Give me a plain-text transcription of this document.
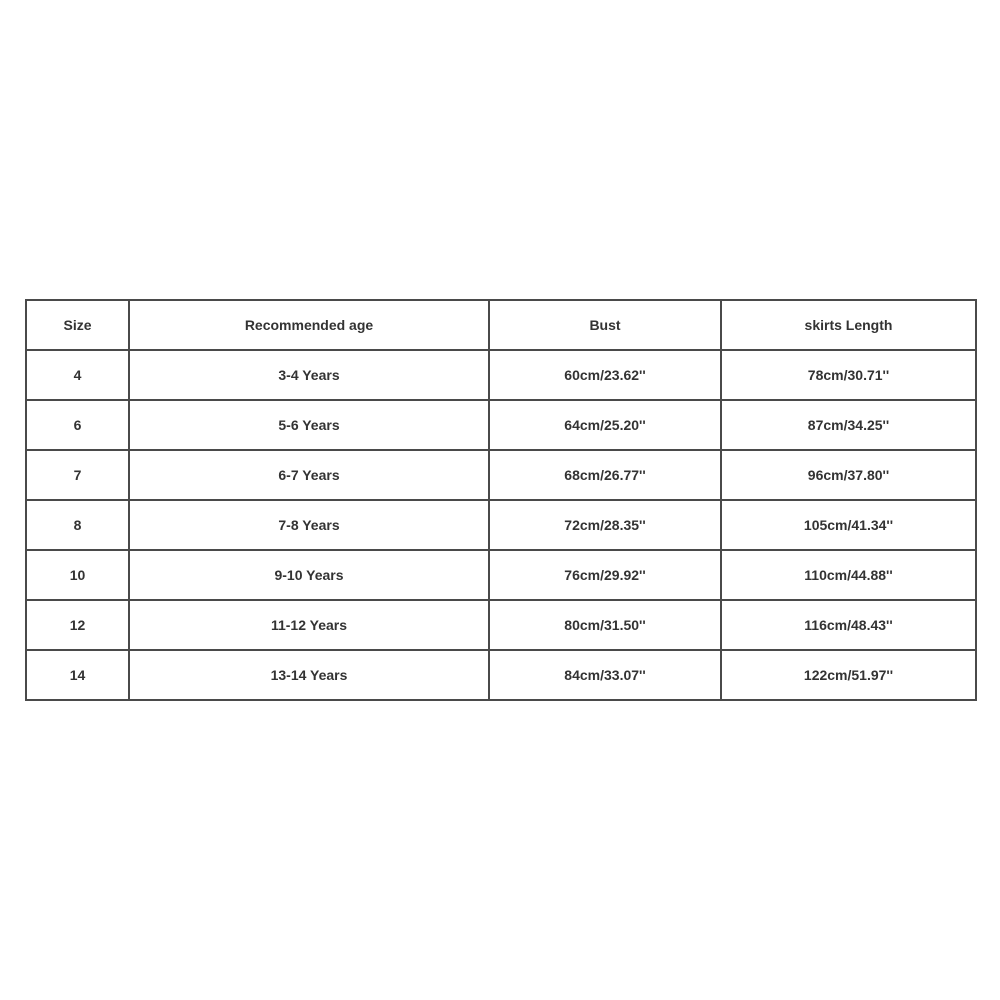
Size	Recommended age	Bust	skirts Length
4	3-4 Years	60cm/23.62''	78cm/30.71''
6	5-6 Years	64cm/25.20''	87cm/34.25''
7	6-7 Years	68cm/26.77''	96cm/37.80''
8	7-8 Years	72cm/28.35''	105cm/41.34''
10	9-10 Years	76cm/29.92''	110cm/44.88''
12	11-12 Years	80cm/31.50''	116cm/48.43''
14	13-14 Years	84cm/33.07''	122cm/51.97''
